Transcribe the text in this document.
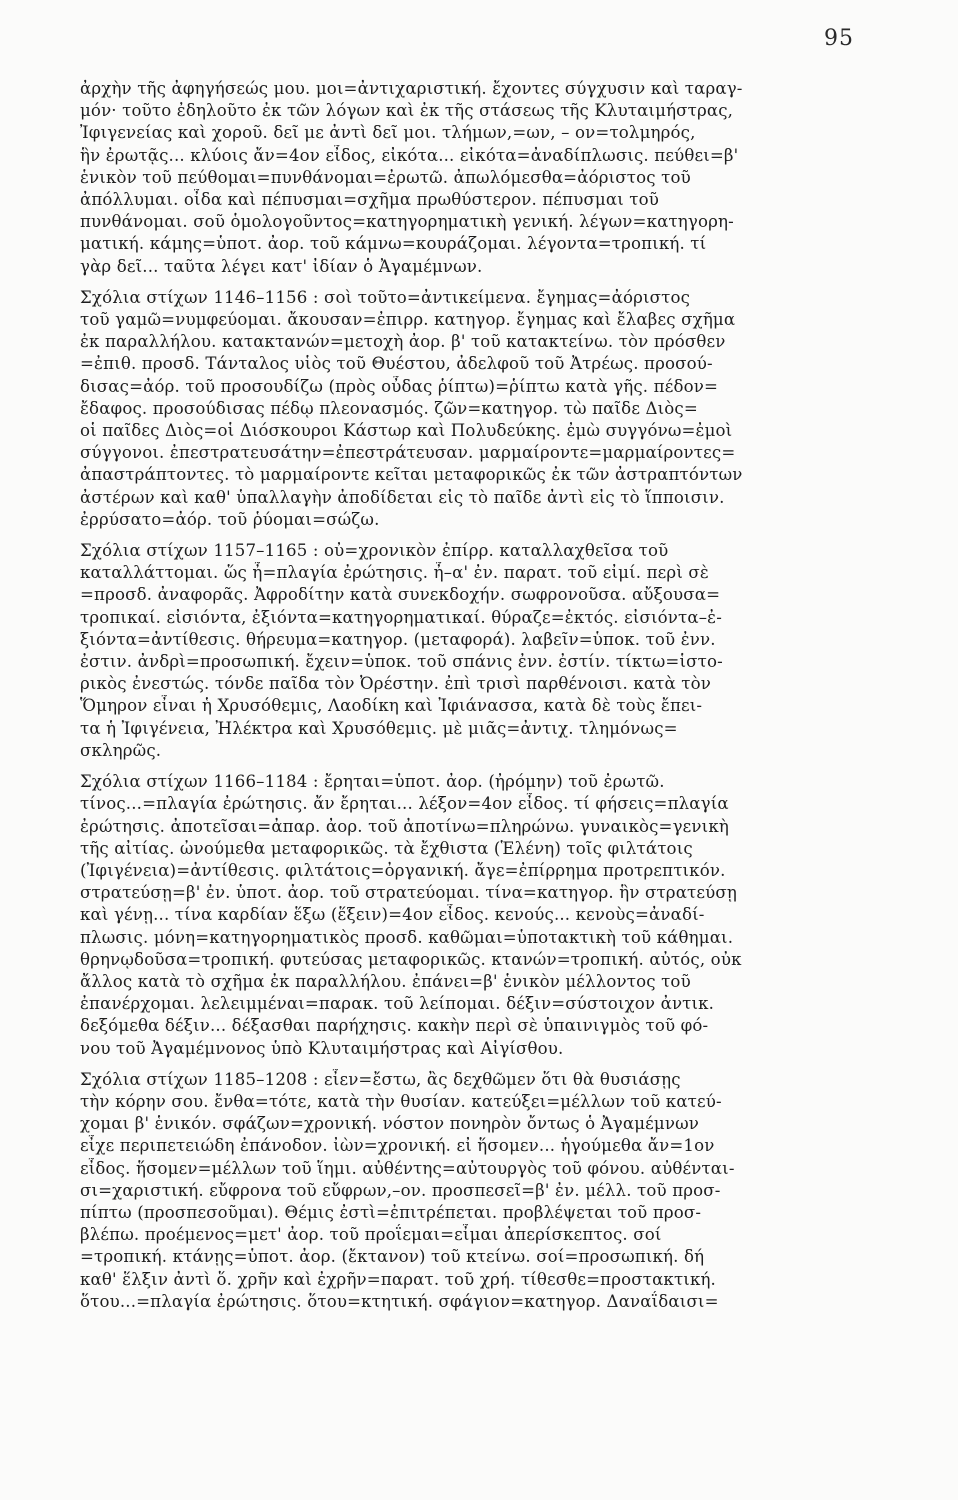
95
ἀρχὴν τῆς ἀφηγήσεώς μου. μοι=ἀντιχαριστική. ἔχοντες σύγχυσιν καὶ ταραγ-
μόν· τοῦτο ἐδηλοῦτο ἐκ τῶν λόγων καὶ ἐκ τῆς στάσεως τῆς Κλυταιμήστρας,
Ἰφιγενείας καὶ χοροῦ. δεῖ με ἀντὶ δεῖ μοι. τλήμων,=ων, – ον=τολμηρός,
ἣν ἐρωτᾷς... κλύοις ἄν=4ον εἶδος, εἰκότα... εἰκότα=ἀναδίπλωσις. πεύθει=β'
ἑνικὸν τοῦ πεύθομαι=πυνθάνομαι=ἐρωτῶ. ἀπωλόμεσθα=ἀόριστος τοῦ
ἀπόλλυμαι. οἶδα καὶ πέπυσμαι=σχῆμα πρωθύστερον. πέπυσμαι τοῦ
πυνθάνομαι. σοῦ ὁμολογοῦντος=κατηγορηματικὴ γενική. λέγων=κατηγορη-
ματική. κάμης=ὑποτ. ἀορ. τοῦ κάμνω=κουράζομαι. λέγοντα=τροπική. τί
γὰρ δεῖ... ταῦτα λέγει κατ' ἰδίαν ὁ Ἀγαμέμνων.
Σχόλια στίχων 1146–1156 : σοὶ τοῦτο=ἀντικείμενα. ἔγημας=ἀόριστος
τοῦ γαμῶ=νυμφεύομαι. ἄκουσαν=ἐπιρρ. κατηγορ. ἔγημας καὶ ἔλαβες σχῆμα
ἐκ παραλλήλου. κατακτανών=μετοχὴ ἀορ. β' τοῦ κατακτείνω. τὸν πρόσθεν
=ἐπιθ. προσδ. Τάνταλος υἱὸς τοῦ Θυέστου, ἀδελφοῦ τοῦ Ἀτρέως. προσού-
δισας=ἀόρ. τοῦ προσουδίζω (πρὸς οὖδας ῥίπτω)=ῥίπτω κατὰ γῆς. πέδον=
ἔδαφος. προσούδισας πέδῳ πλεονασμός. ζῶν=κατηγορ. τὼ παῖδε Διὸς=
οἱ παῖδες Διὸς=οἱ Διόσκουροι Κάστωρ καὶ Πολυδεύκης. ἐμὼ συγγόνω=ἐμοὶ
σύγγονοι. ἐπεστρατευσάτην=ἐπεστράτευσαν. μαρμαίροντε=μαρμαίροντες=
ἀπαστράπτοντες. τὸ μαρμαίροντε κεῖται μεταφορικῶς ἐκ τῶν ἀστραπτόντων
ἀστέρων καὶ καθ' ὑπαλλαγὴν ἀποδίδεται εἰς τὸ παῖδε ἀντὶ εἰς τὸ ἵπποισιν.
ἐρρύσατο=ἀόρ. τοῦ ῥύομαι=σώζω.
Σχόλια στίχων 1157–1165 : οὐ=χρονικὸν ἐπίρρ. καταλλαχθεῖσα τοῦ
καταλλάττομαι. ὥς ἦ=πλαγία ἐρώτησις. ἦ–α' ἐν. παρατ. τοῦ εἰμί. περὶ σὲ
=προσδ. ἀναφορᾶς. Ἀφροδίτην κατὰ συνεκδοχήν. σωφρονοῦσα. αὔξουσα=
τροπικαί. εἰσιόντα, ἐξιόντα=κατηγορηματικαί. θύραζε=ἐκτός. εἰσιόντα–ἐ-
ξιόντα=ἀντίθεσις. θήρευμα=κατηγορ. (μεταφορά). λαβεῖν=ὑποκ. τοῦ ἐνν.
ἐστιν. ἀνδρὶ=προσωπική. ἔχειν=ὑποκ. τοῦ σπάνις ἐνν. ἐστίν. τίκτω=ἱστο-
ρικὸς ἐνεστώς. τόνδε παῖδα τὸν Ὀρέστην. ἐπὶ τρισὶ παρθένοισι. κατὰ τὸν
Ὅμηρον εἶναι ἡ Χρυσόθεμις, Λαοδίκη καὶ Ἰφιάνασσα, κατὰ δὲ τοὺς ἔπει-
τα ἡ Ἰφιγένεια, Ἠλέκτρα καὶ Χρυσόθεμις. μὲ μιᾶς=ἀντιχ. τλημόνως=
σκληρῶς.
Σχόλια στίχων 1166–1184 : ἔρηται=ὑποτ. ἀορ. (ἠρόμην) τοῦ ἐρωτῶ.
τίνος...=πλαγία ἐρώτησις. ἄν ἔρηται... λέξον=4ον εἶδος. τί φήσεις=πλαγία
ἐρώτησις. ἀποτεῖσαι=ἀπαρ. ἀορ. τοῦ ἀποτίνω=πληρώνω. γυναικὸς=γενικὴ
τῆς αἰτίας. ὠνούμεθα μεταφορικῶς. τὰ ἔχθιστα (Ἑλένη) τοῖς φιλτάτοις
(Ἰφιγένεια)=ἀντίθεσις. φιλτάτοις=ὀργανική. ἄγε=ἐπίρρημα προτρεπτικόν.
στρατεύσῃ=β' ἐν. ὑποτ. ἀορ. τοῦ στρατεύομαι. τίνα=κατηγορ. ἣν στρατεύσῃ
καὶ γένῃ... τίνα καρδίαν ἕξω (ἕξειν)=4ον εἶδος. κενούς... κενοὺς=ἀναδί-
πλωσις. μόνη=κατηγορηματικὸς προσδ. καθῶμαι=ὑποτακτικὴ τοῦ κάθημαι.
θρηνῳδοῦσα=τροπική. φυτεύσας μεταφορικῶς. κτανών=τροπική. αὐτός, οὐκ
ἄλλος κατὰ τὸ σχῆμα ἐκ παραλλήλου. ἐπάνει=β' ἑνικὸν μέλλοντος τοῦ
ἐπανέρχομαι. λελειμμέναι=παρακ. τοῦ λείπομαι. δέξιν=σύστοιχον ἀντικ.
δεξόμεθα δέξιν... δέξασθαι παρήχησις. κακὴν περὶ σὲ ὑπαινιγμὸς τοῦ φό-
νου τοῦ Ἀγαμέμνονος ὑπὸ Κλυταιμήστρας καὶ Αἰγίσθου.
Σχόλια στίχων 1185–1208 : εἶεν=ἔστω, ἂς δεχθῶμεν ὅτι θὰ θυσιάσῃς
τὴν κόρην σου. ἔνθα=τότε, κατὰ τὴν θυσίαν. κατεύξει=μέλλων τοῦ κατεύ-
χομαι β' ἑνικόν. σφάζων=χρονική. νόστον πονηρὸν ὄντως ὁ Ἀγαμέμνων
εἶχε περιπετειώδη ἐπάνοδον. ἰὼν=χρονική. εἰ ἥσομεν... ἡγούμεθα ἄν=1ον
εἶδος. ἥσομεν=μέλλων τοῦ ἵημι. αὐθέντης=αὐτουργὸς τοῦ φόνου. αὐθένται-
σι=χαριστική. εὔφρονα τοῦ εὔφρων,–ον. προσπεσεῖ=β' ἐν. μέλλ. τοῦ προσ-
πίπτω (προσπεσοῦμαι). Θέμις ἐστὶ=ἐπιτρέπεται. προβλέψεται τοῦ προσ-
βλέπω. προέμενος=μετ' ἀορ. τοῦ προΐεμαι=εἶμαι ἀπερίσκεπτος. σοί
=τροπική. κτάνῃς=ὑποτ. ἀορ. (ἔκτανον) τοῦ κτείνω. σοί=προσωπική. δή
καθ' ἕλξιν ἀντὶ ὅ. χρῆν καὶ ἐχρῆν=παρατ. τοῦ χρή. τίθεσθε=προστακτική.
ὅτου...=πλαγία ἐρώτησις. ὅτου=κτητική. σφάγιον=κατηγορ. Δαναΐδαισι=
